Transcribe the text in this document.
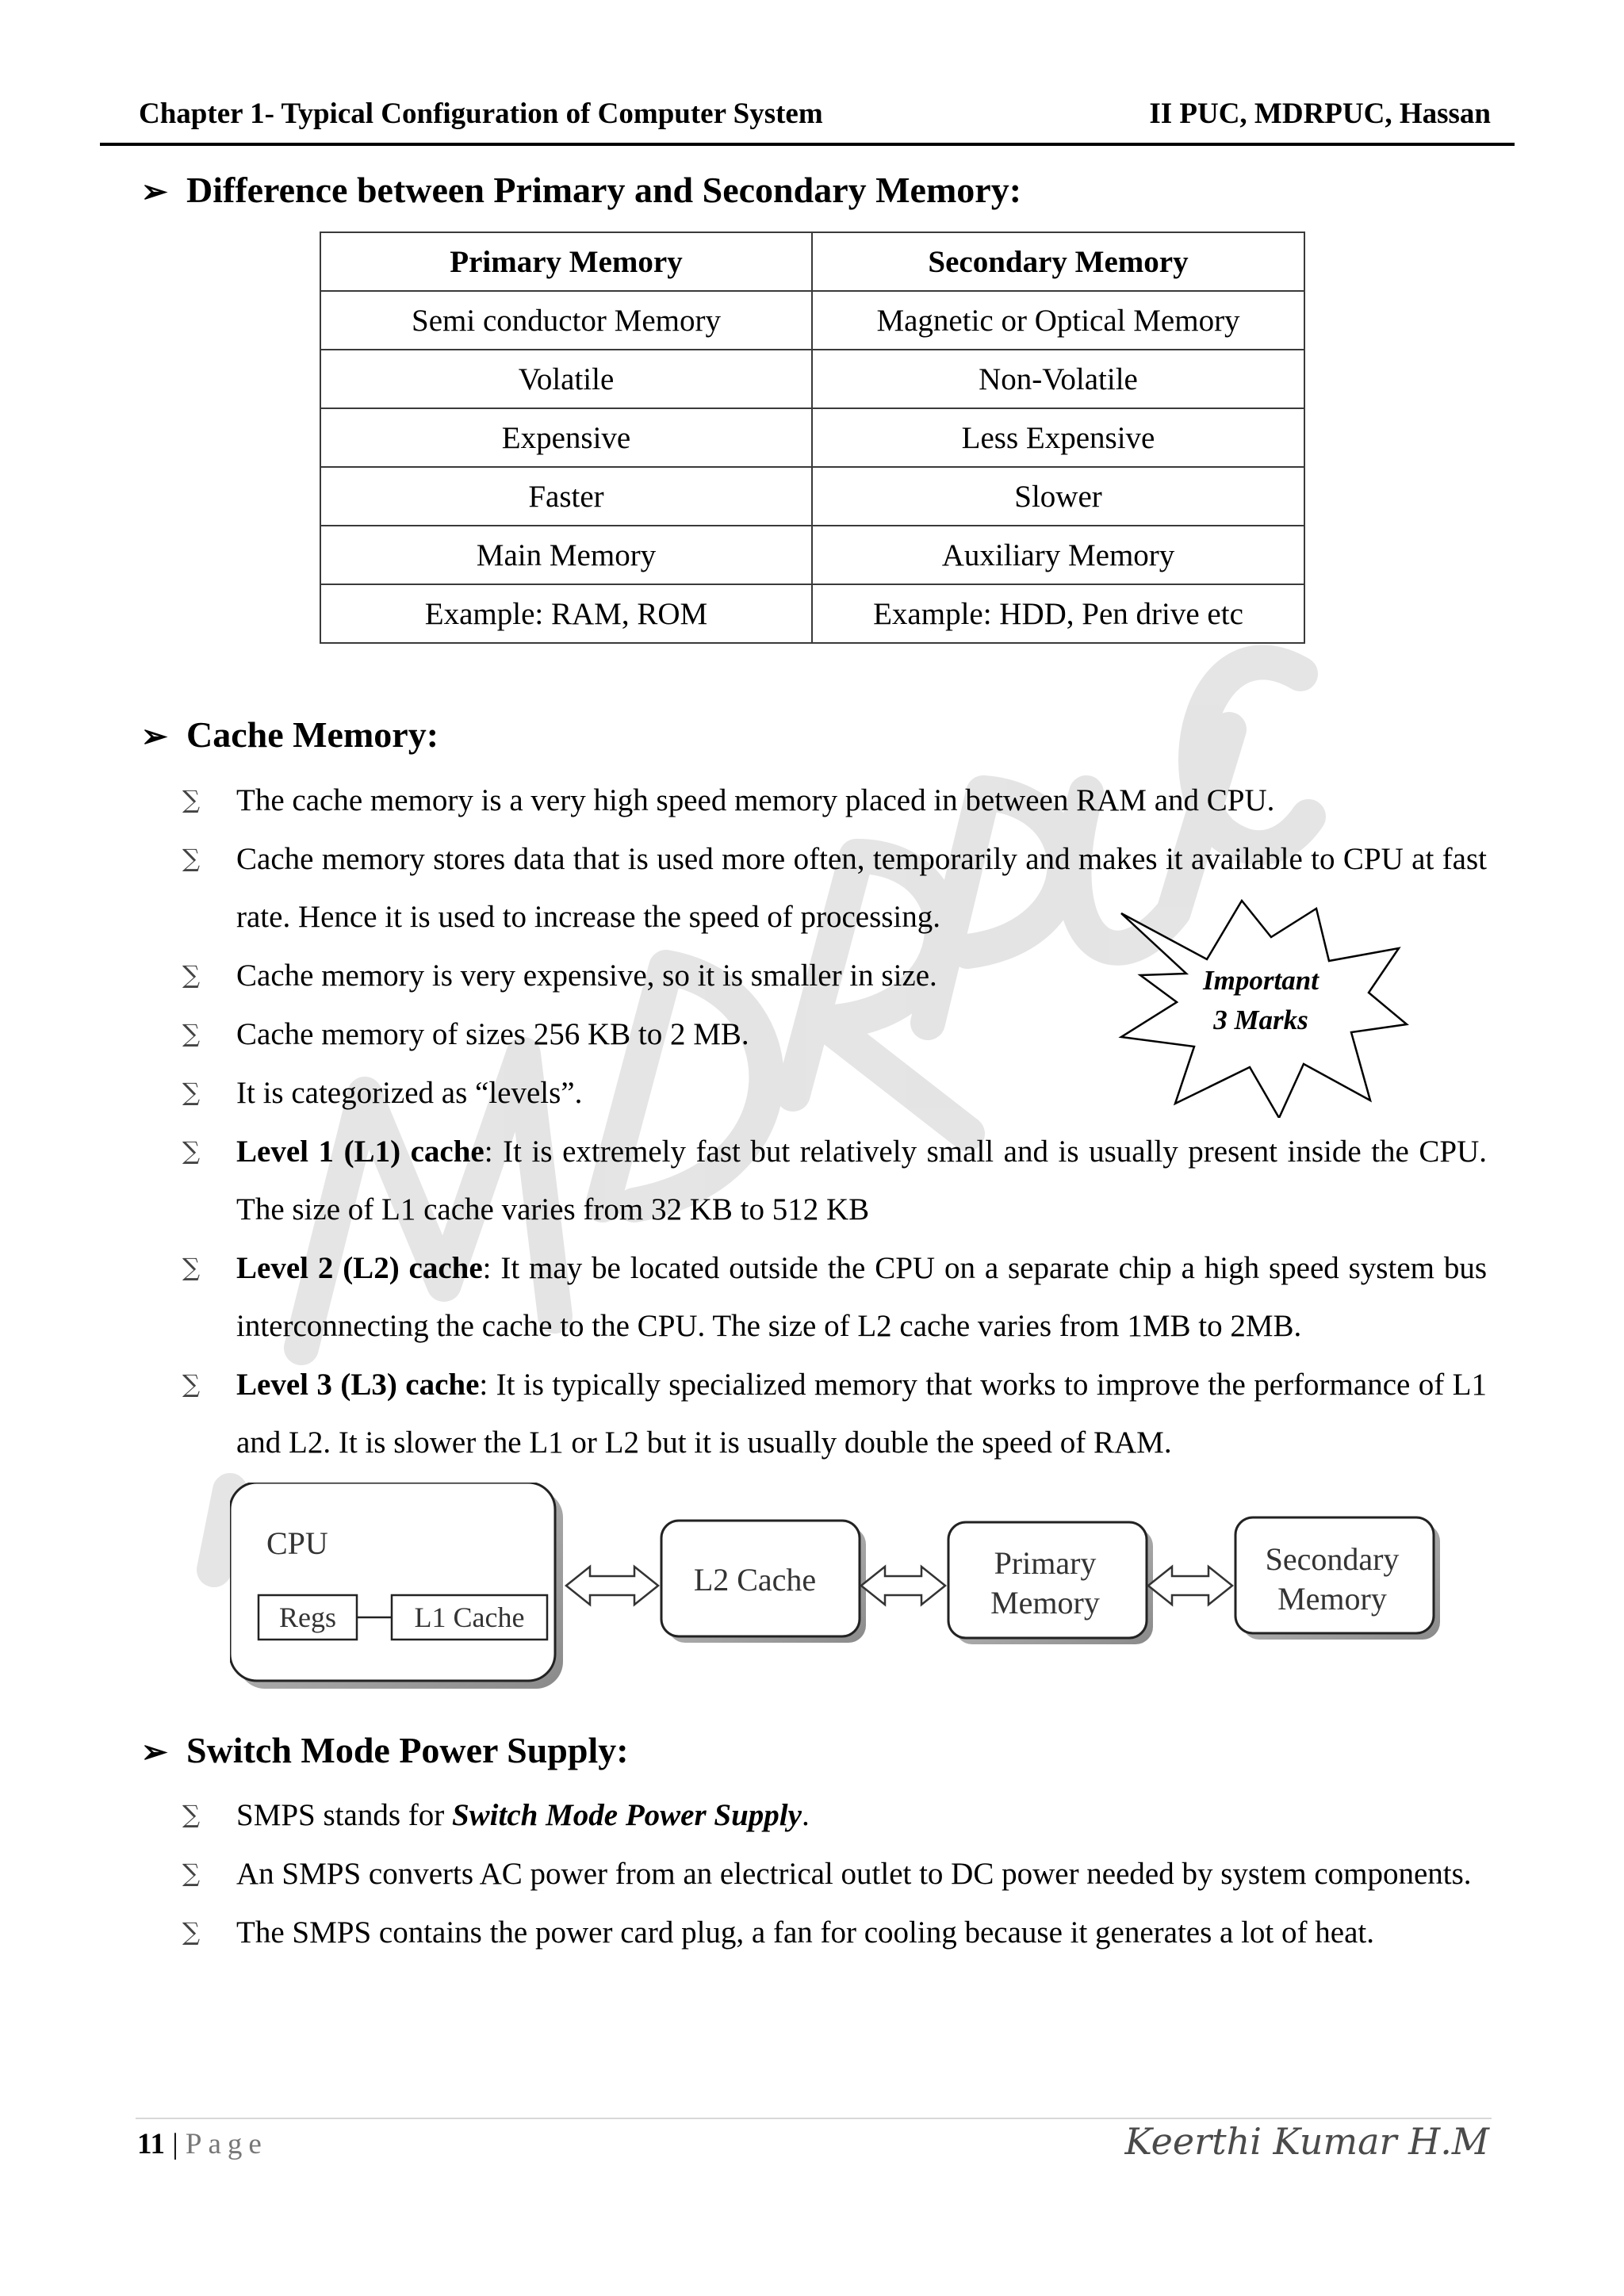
Chapter 1- Typical Configuration of Computer System	II PUC, MDRPUC, Hassan
➢ Difference between Primary and Secondary Memory:
Primary Memory	Secondary Memory
Semi conductor Memory	Magnetic or Optical Memory
Volatile	Non-Volatile
Expensive	Less Expensive
Faster	Slower
Main Memory	Auxiliary Memory
Example: RAM, ROM	Example: HDD, Pen drive etc
➢ Cache Memory:
∑ The cache memory is a very high speed memory placed in between RAM and CPU.
∑ Cache memory stores data that is used more often, temporarily and makes it available to CPU at fast rate. Hence it is used to increase the speed of processing.
∑ Cache memory is very expensive, so it is smaller in size.
∑ Cache memory of sizes 256 KB to 2 MB.
∑ It is categorized as “levels”.
∑ Level 1 (L1) cache: It is extremely fast but relatively small and is usually present inside the CPU. The size of L1 cache varies from 32 KB to 512 KB
∑ Level 2 (L2) cache: It may be located outside the CPU on a separate chip a high speed system bus interconnecting the cache to the CPU. The size of L2 cache varies from 1MB to 2MB.
∑ Level 3 (L3) cache: It is typically specialized memory that works to improve the performance of L1 and L2. It is slower the L1 or L2 but it is usually double the speed of RAM.
Important
3 Marks
CPU
Regs	L1 Cache
L2 Cache	Primary
Memory
Secondary
Memory
➢ Switch Mode Power Supply:
∑ SMPS stands for Switch Mode Power Supply.
∑ An SMPS converts AC power from an electrical outlet to DC power needed by system components.
∑ The SMPS contains the power card plug, a fan for cooling because it generates a lot of heat.
11 | Page	Keerthi Kumar H.M
